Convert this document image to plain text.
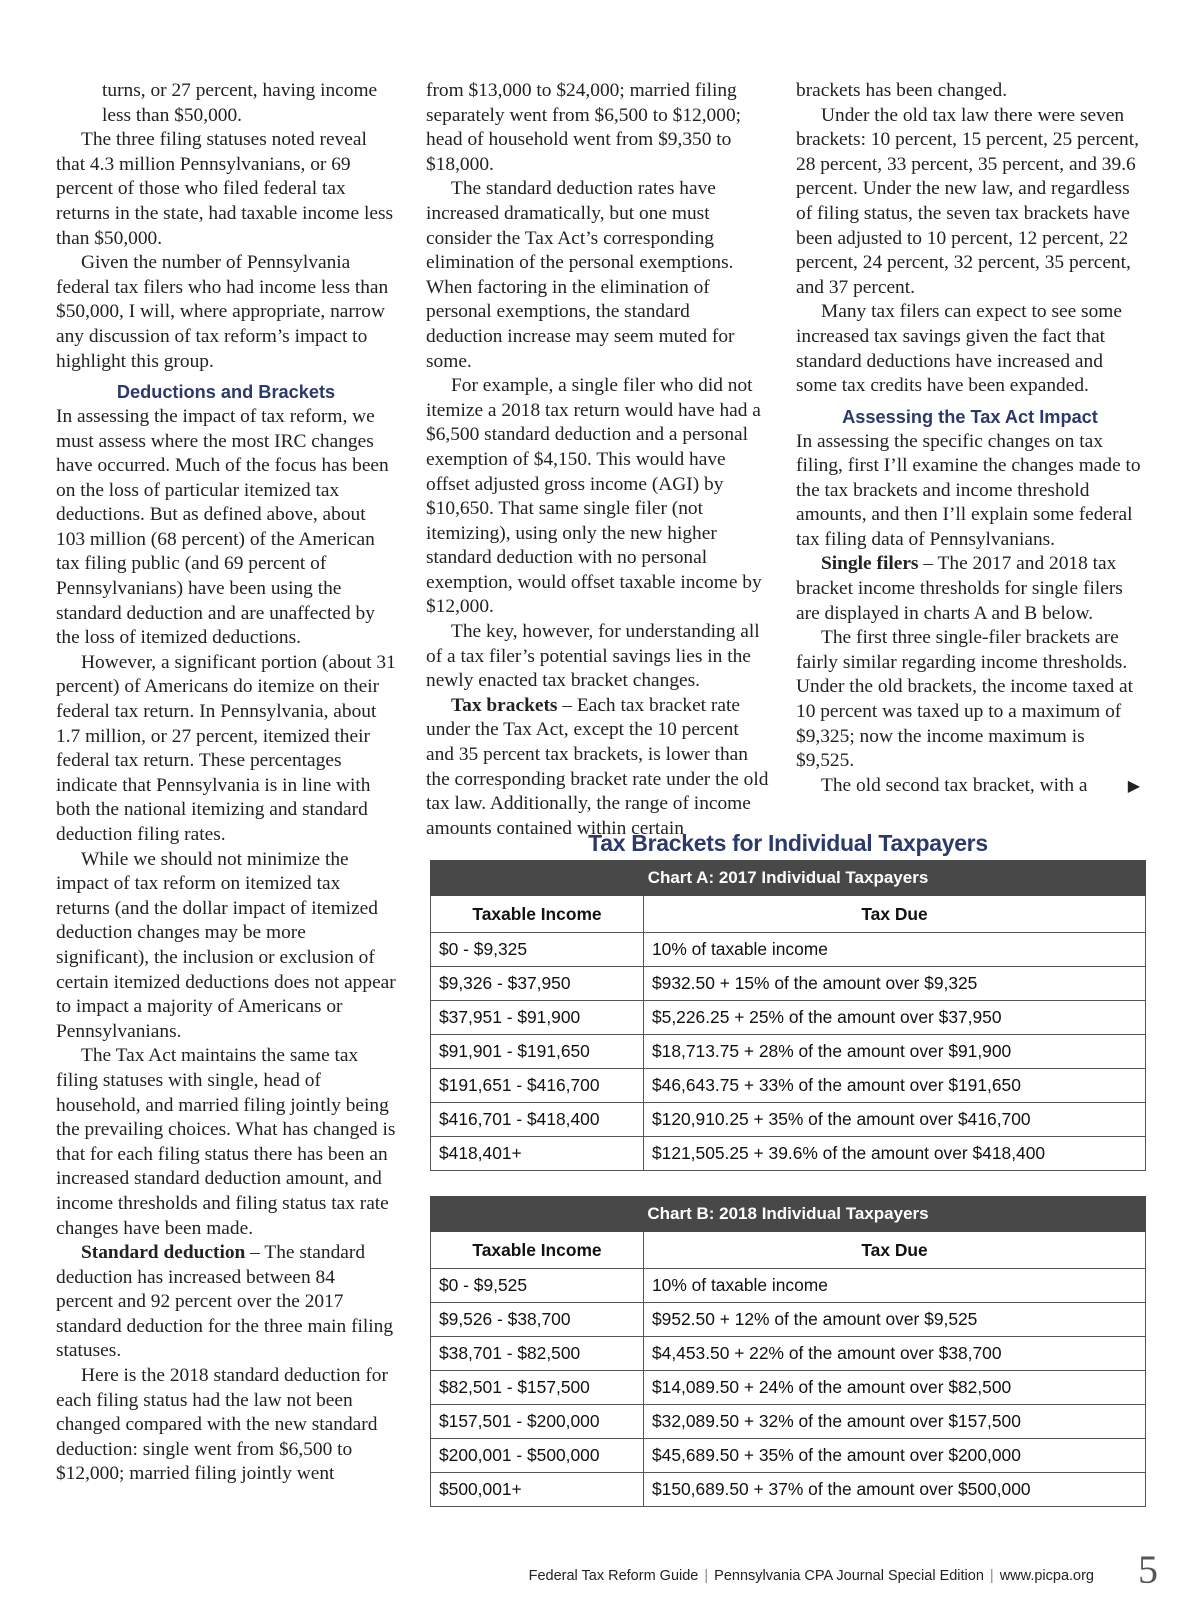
turns, or 27 percent, having income less than $50,000.

The three filing statuses noted reveal that 4.3 million Pennsylvanians, or 69 percent of those who filed federal tax returns in the state, had taxable income less than $50,000.

Given the number of Pennsylvania federal tax filers who had income less than $50,000, I will, where appropriate, narrow any discussion of tax reform’s impact to highlight this group.

Deductions and Brackets

In assessing the impact of tax reform, we must assess where the most IRC changes have occurred. Much of the focus has been on the loss of particular itemized tax deductions. But as defined above, about 103 million (68 percent) of the American tax filing public (and 69 percent of Pennsylvanians) have been using the standard deduction and are unaffected by the loss of itemized deductions.

However, a significant portion (about 31 percent) of Americans do itemize on their federal tax return. In Pennsylvania, about 1.7 million, or 27 percent, itemized their federal tax return. These percentages indicate that Pennsylvania is in line with both the national itemizing and standard deduction filing rates.

While we should not minimize the impact of tax reform on itemized tax returns (and the dollar impact of itemized deduction changes may be more significant), the inclusion or exclusion of certain itemized deductions does not appear to impact a majority of Americans or Pennsylvanians.

The Tax Act maintains the same tax filing statuses with single, head of household, and married filing jointly being the prevailing choices. What has changed is that for each filing status there has been an increased standard deduction amount, and income thresholds and filing status tax rate changes have been made.

Standard deduction – The standard deduction has increased between 84 percent and 92 percent over the 2017 standard deduction for the three main filing statuses.

Here is the 2018 standard deduction for each filing status had the law not been changed compared with the new standard deduction: single went from $6,500 to $12,000; married filing jointly went

from $13,000 to $24,000; married filing separately went from $6,500 to $12,000; head of household went from $9,350 to $18,000.

The standard deduction rates have increased dramatically, but one must consider the Tax Act’s corresponding elimination of the personal exemptions. When factoring in the elimination of personal exemptions, the standard deduction increase may seem muted for some.

For example, a single filer who did not itemize a 2018 tax return would have had a $6,500 standard deduction and a personal exemption of $4,150. This would have offset adjusted gross income (AGI) by $10,650. That same single filer (not itemizing), using only the new higher standard deduction with no personal exemption, would offset taxable income by $12,000.

The key, however, for understanding all of a tax filer’s potential savings lies in the newly enacted tax bracket changes.

Tax brackets – Each tax bracket rate under the Tax Act, except the 10 percent and 35 percent tax brackets, is lower than the corresponding bracket rate under the old tax law. Additionally, the range of income amounts contained within certain

brackets has been changed.

Under the old tax law there were seven brackets: 10 percent, 15 percent, 25 percent, 28 percent, 33 percent, 35 percent, and 39.6 percent. Under the new law, and regardless of filing status, the seven tax brackets have been adjusted to 10 percent, 12 percent, 22 percent, 24 percent, 32 percent, 35 percent, and 37 percent.

Many tax filers can expect to see some increased tax savings given the fact that standard deductions have increased and some tax credits have been expanded.

Assessing the Tax Act Impact

In assessing the specific changes on tax filing, first I’ll examine the changes made to the tax brackets and income threshold amounts, and then I’ll explain some federal tax filing data of Pennsylvanians.

Single filers – The 2017 and 2018 tax bracket income thresholds for single filers are displayed in charts A and B below.

The first three single-filer brackets are fairly similar regarding income thresholds. Under the old brackets, the income taxed at 10 percent was taxed up to a maximum of $9,325; now the income maximum is $9,525.

The old second tax bracket, with a	▶

Tax Brackets for Individual Taxpayers
Chart A: 2017 Individual Taxpayers	
Taxable Income	Tax Due
$0 - $9,325	10% of taxable income
$9,326 - $37,950	$932.50 + 15% of the amount over $9,325
$37,951 - $91,900	$5,226.25 + 25% of the amount over $37,950
$91,901 - $191,650	$18,713.75 + 28% of the amount over $91,900
$191,651 - $416,700	$46,643.75 + 33% of the amount over $191,650
$416,701 - $418,400	$120,910.25 + 35% of the amount over $416,700
$418,401+	$121,505.25 + 39.6% of the amount over $418,400
Chart B: 2018 Individual Taxpayers	
Taxable Income	Tax Due
$0 - $9,525	10% of taxable income
$9,526 - $38,700	$952.50 + 12% of the amount over $9,525
$38,701 - $82,500	$4,453.50 + 22% of the amount over $38,700
$82,501 - $157,500	$14,089.50 + 24% of the amount over $82,500
$157,501 - $200,000	$32,089.50 + 32% of the amount over $157,500
$200,001 - $500,000	$45,689.50 + 35% of the amount over $200,000
$500,001+	$150,689.50 + 37% of the amount over $500,000
Federal Tax Reform Guide | Pennsylvania CPA Journal Special Edition | www.picpa.org 5
